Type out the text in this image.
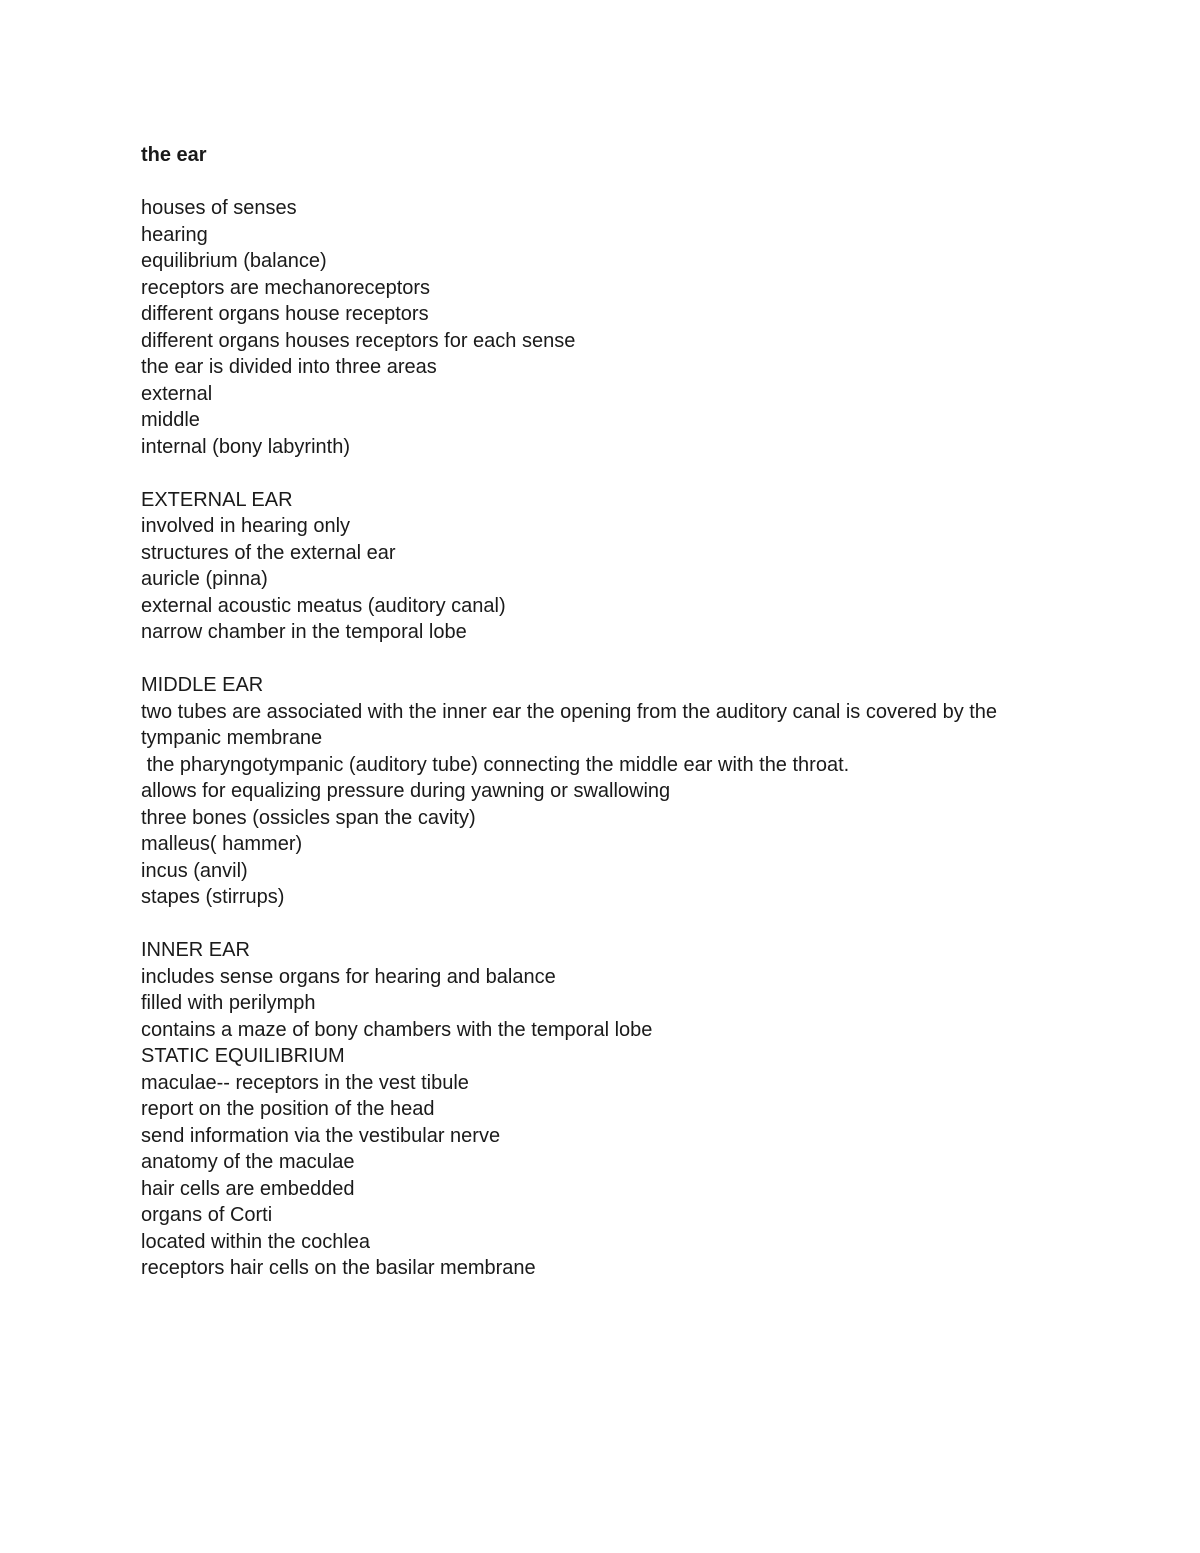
the ear
houses of senses
hearing
equilibrium (balance)
receptors are mechanoreceptors
different organs house receptors
different organs houses receptors for each sense
the ear is divided into three areas
external
middle
internal (bony labyrinth)
EXTERNAL EAR
involved in hearing only
structures of the external ear
auricle (pinna)
external acoustic meatus (auditory canal)
narrow chamber in the temporal lobe
MIDDLE EAR
two tubes are associated with the inner ear the opening from the auditory canal is covered by the tympanic membrane
the pharyngotympanic (auditory tube) connecting the middle ear with the throat.
allows for equalizing pressure during yawning or swallowing
three bones (ossicles span the cavity)
malleus( hammer)
incus (anvil)
stapes (stirrups)
INNER EAR
includes sense organs for hearing and balance
filled with perilymph
contains a maze of bony chambers with the temporal lobe
STATIC EQUILIBRIUM
maculae-- receptors in the vest tibule
report on the position of the head
send information via the vestibular nerve
anatomy of the maculae
hair cells are embedded
organs of Corti
located within the cochlea
receptors hair cells on the basilar membrane
